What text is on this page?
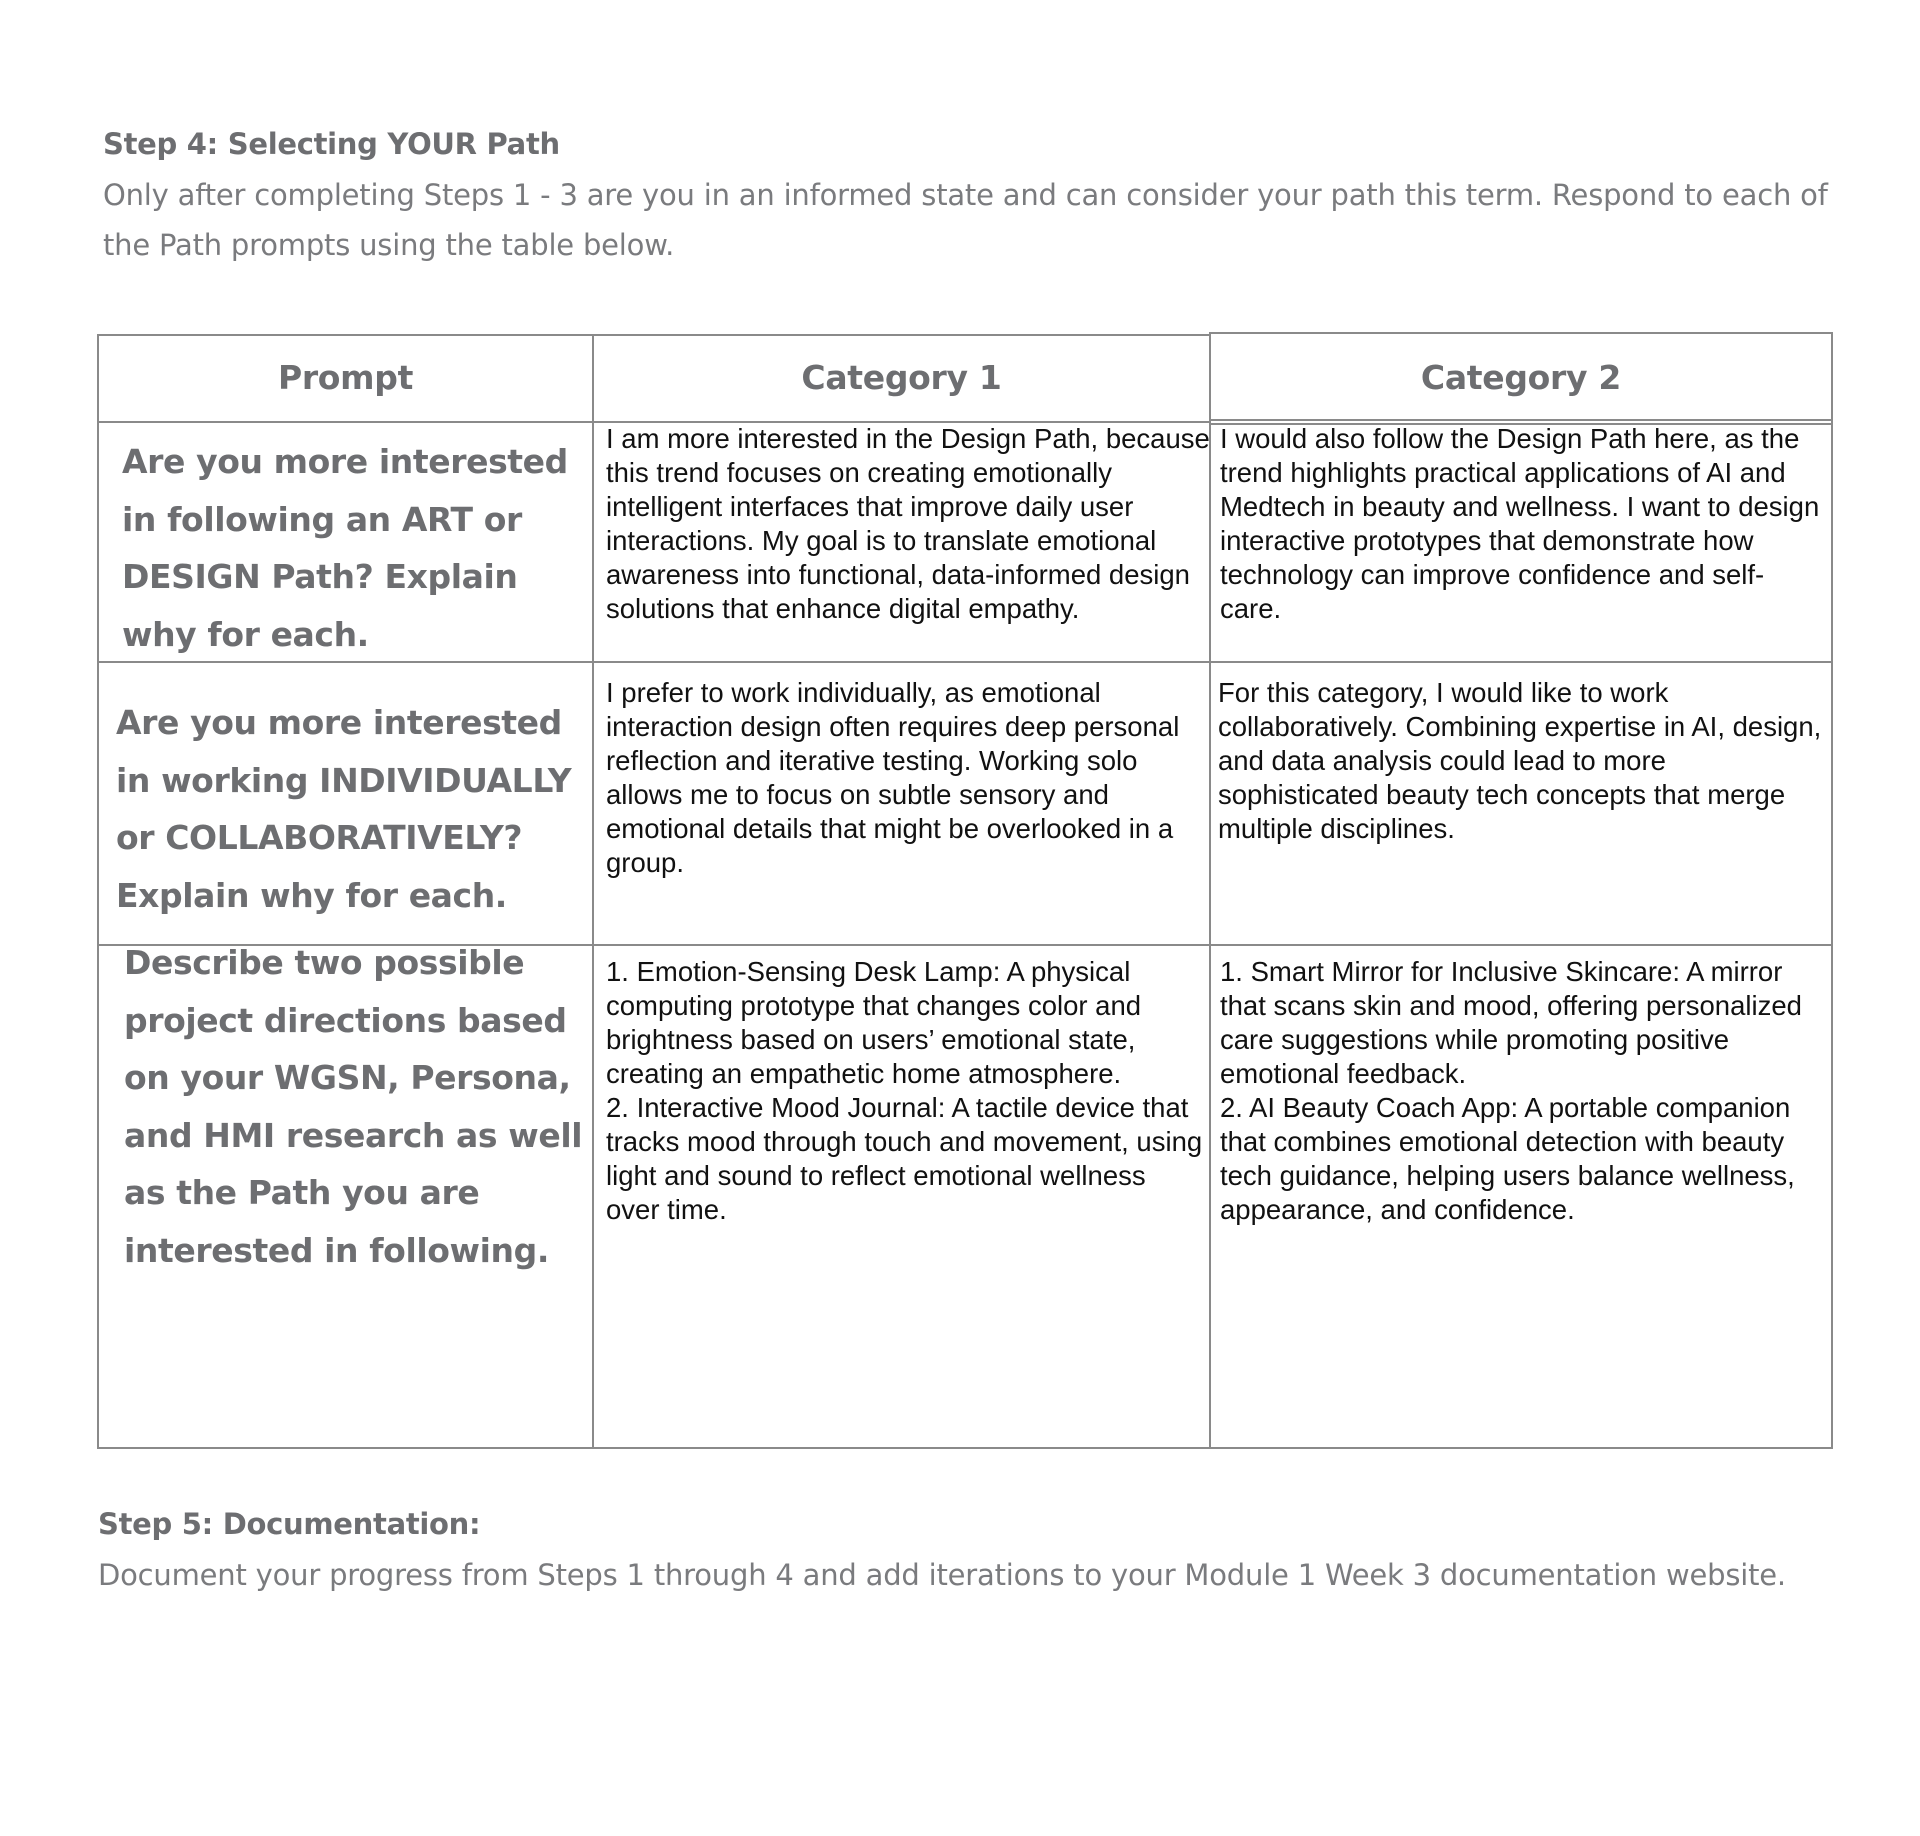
Step 4: Selecting YOUR Path
Only after completing Steps 1 - 3 are you in an informed state and can consider your path this term. Respond to each of the Path prompts using the table below.
Prompt	Category 1	Category 2
Are you more interested in following an ART or DESIGN Path? Explain why for each.
I am more interested in the Design Path, because this trend focuses on creating emotionally intelligent interfaces that improve daily user interactions. My goal is to translate emotional awareness into functional, data-informed design solutions that enhance digital empathy.
I would also follow the Design Path here, as the trend highlights practical applications of AI and Medtech in beauty and wellness. I want to design interactive prototypes that demonstrate how technology can improve confidence and self-care.
Are you more interested in working INDIVIDUALLY or COLLABORATIVELY? Explain why for each.
I prefer to work individually, as emotional interaction design often requires deep personal reflection and iterative testing. Working solo allows me to focus on subtle sensory and emotional details that might be overlooked in a group.
For this category, I would like to work collaboratively. Combining expertise in AI, design, and data analysis could lead to more sophisticated beauty tech concepts that merge multiple disciplines.
Describe two possible project directions based on your WGSN, Persona, and HMI research as well as the Path you are interested in following.
1. Emotion-Sensing Desk Lamp: A physical computing prototype that changes color and brightness based on users’ emotional state, creating an empathetic home atmosphere.
2. Interactive Mood Journal: A tactile device that tracks mood through touch and movement, using light and sound to reflect emotional wellness over time.
1. Smart Mirror for Inclusive Skincare: A mirror that scans skin and mood, offering personalized care suggestions while promoting positive emotional feedback.
2. AI Beauty Coach App: A portable companion that combines emotional detection with beauty tech guidance, helping users balance wellness, appearance, and confidence.
Step 5: Documentation:
Document your progress from Steps 1 through 4 and add iterations to your Module 1 Week 3 documentation website.
